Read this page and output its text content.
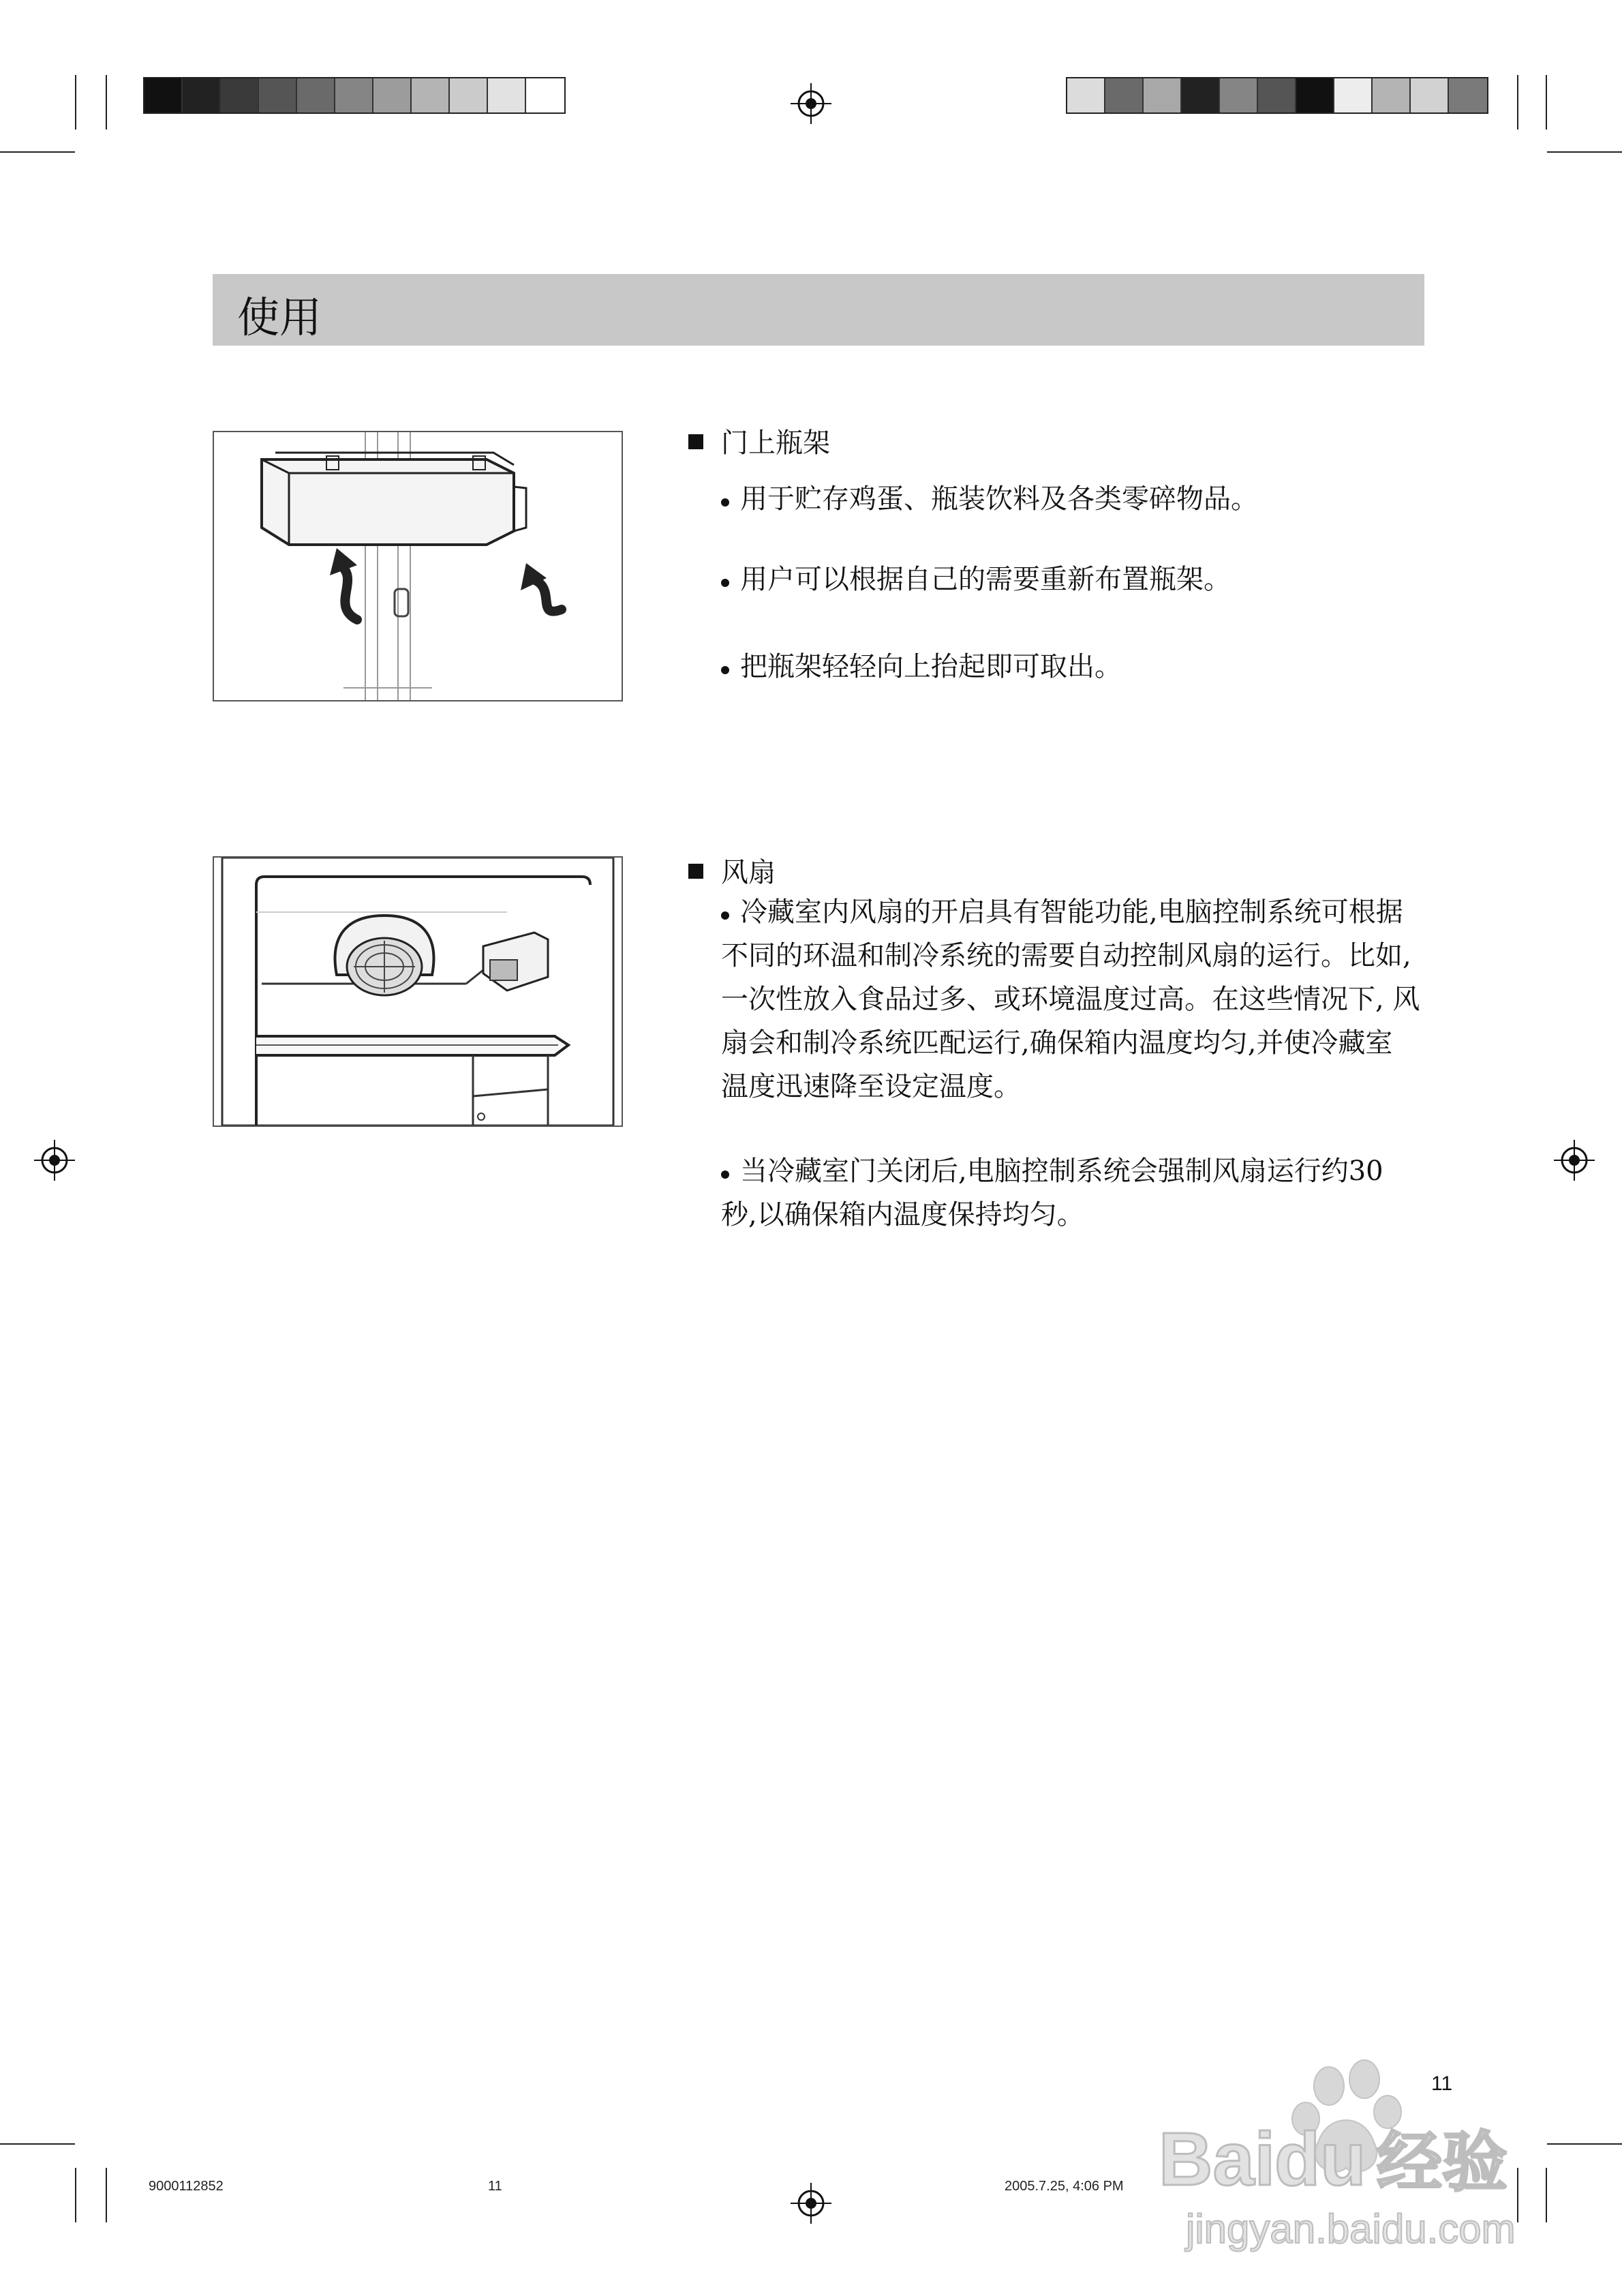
使用
门上瓶架
用于贮存鸡蛋、瓶装饮料及各类零碎物品。
用户可以根据自己的需要重新布置瓶架。
把瓶架轻轻向上抬起即可取出。
风扇
冷藏室内风扇的开启具有智能功能,电脑控制系统可根据
不同的环温和制冷系统的需要自动控制风扇的运行。比如,
一次性放入食品过多、或环境温度过高。在这些情况下, 风
扇会和制冷系统匹配运行,确保箱内温度均匀,并使冷藏室
温度迅速降至设定温度。
当冷藏室门关闭后,电脑控制系统会强制风扇运行约30
秒,以确保箱内温度保持均匀。
11
9000112852	11	2005.7.25, 4:06 PM Bai
du 经验
jingyan.baidu.com
